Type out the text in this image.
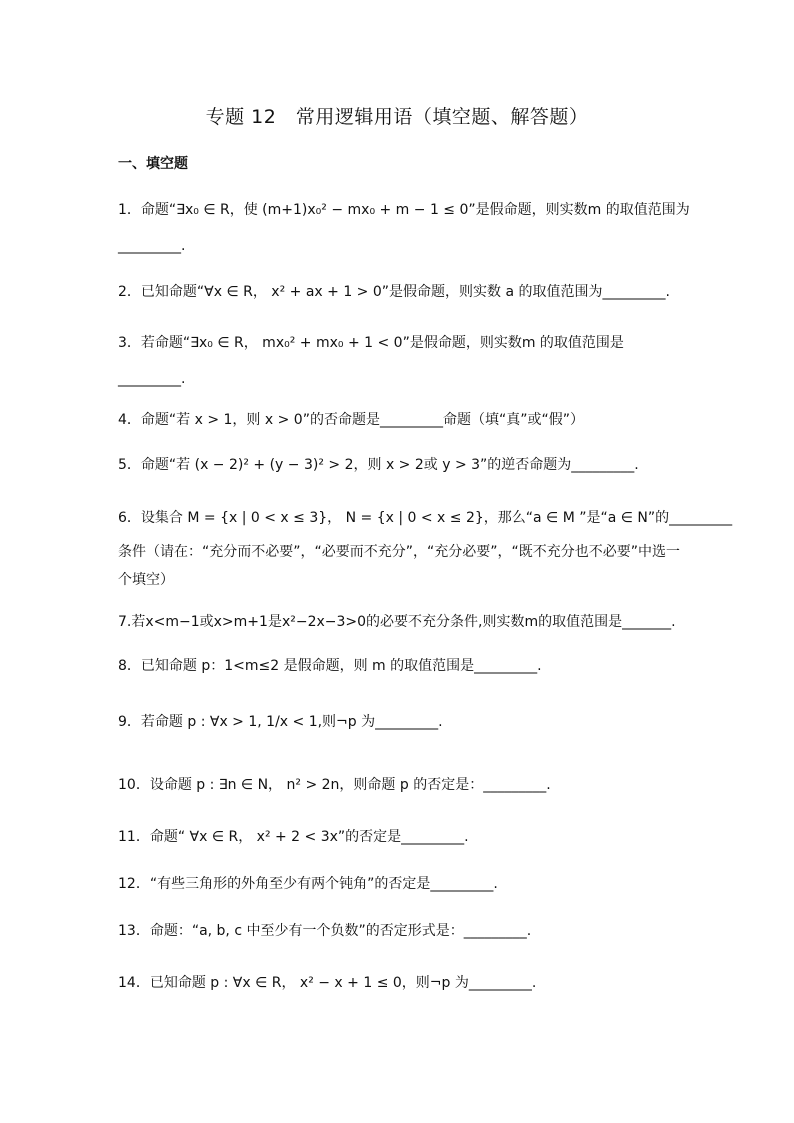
专题 12　常用逻辑用语（填空题、解答题）
一、填空题
1．命题“∃x₀ ∈ R，使 (m+1)x₀² − mx₀ + m − 1 ≤ 0”是假命题，则实数m 的取值范围为
_________.
2．已知命题“∀x ∈ R， x² + ax + 1 > 0”是假命题，则实数 a 的取值范围为_________.
3．若命题“∃x₀ ∈ R， mx₀² + mx₀ + 1 < 0”是假命题，则实数m 的取值范围是
_________.
4．命题“若 x > 1，则 x > 0”的否命题是_________命题（填“真”或“假”）
5．命题“若 (x − 2)² + (y − 3)² > 2，则 x > 2或 y > 3”的逆否命题为_________.
6．设集合 M = {x | 0 < x ≤ 3}， N = {x | 0 < x ≤ 2}，那么“a ∈ M ”是“a ∈ N”的_________
条件（请在：“充分而不必要”，“必要而不充分”，“充分必要”，“既不充分也不必要”中选一
个填空）
7.若x<m−1或x>m+1是x²−2x−3>0的必要不充分条件,则实数m的取值范围是_______.
8．已知命题 p：1<m≤2 是假命题，则 m 的取值范围是_________.
9．若命题 p : ∀x > 1, 1/x < 1,则¬p 为_________.
10．设命题 p : ∃n ∈ N， n² > 2n，则命题 p 的否定是：_________.
11．命题“ ∀x ∈ R， x² + 2 < 3x”的否定是_________.
12．“有些三角形的外角至少有两个钝角”的否定是_________.
13．命题：“a, b, c 中至少有一个负数”的否定形式是：_________.
14．已知命题 p : ∀x ∈ R， x² − x + 1 ≤ 0，则¬p 为_________.
